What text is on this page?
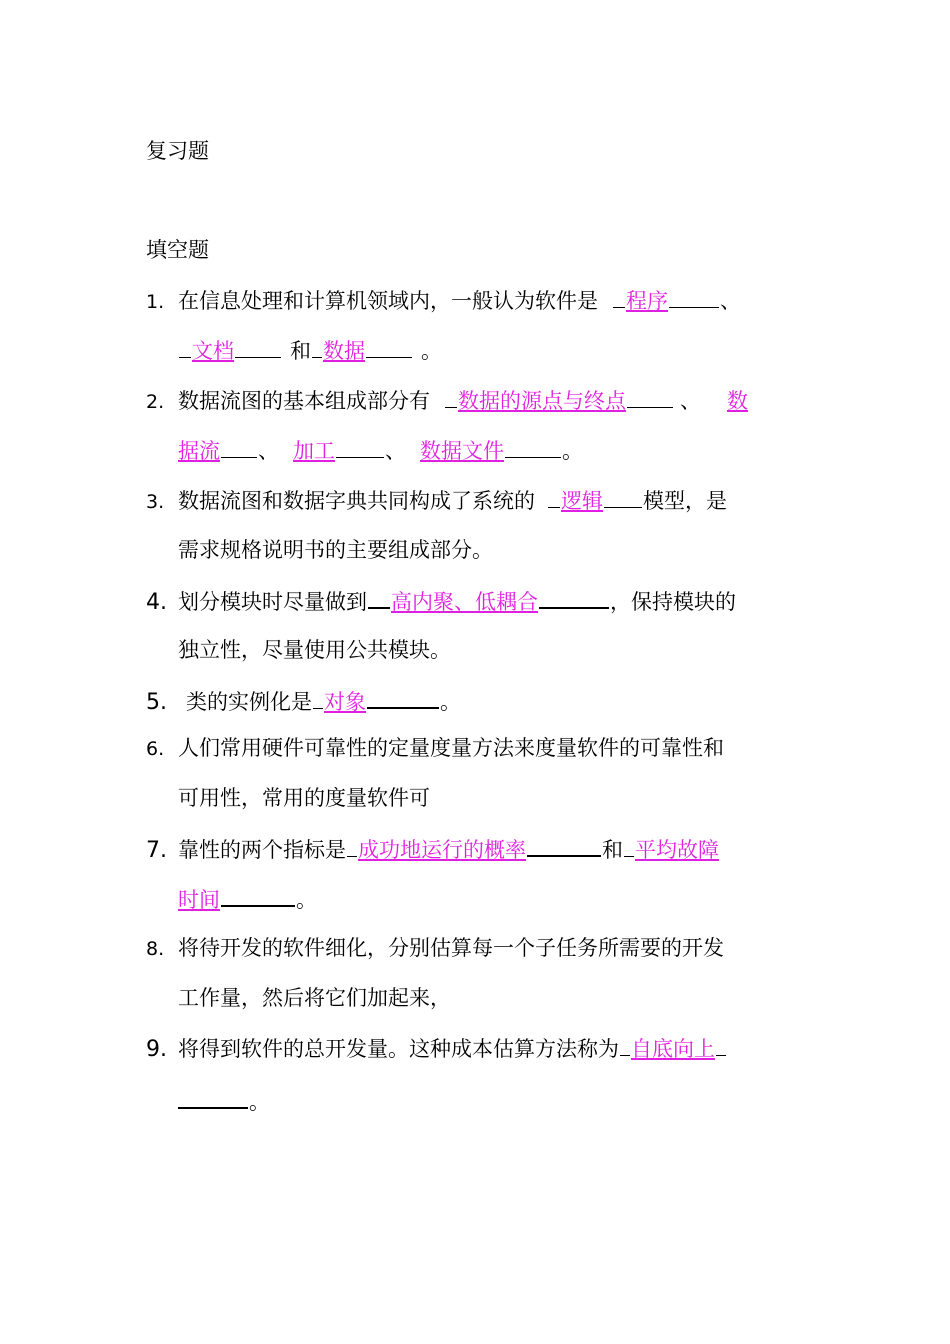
复习题
填空题
1. 在信息处理和计算机领域内，一般认为软件是 程序 、
文档	和 数据	。
2. 数据流图的基本组成部分有 数据的源点与终点	、 数
据流 、 加工 、 数据文件	。
3. 数据流图和数据字典共同构成了系统的 逻辑 模型，是
需求规格说明书的主要组成部分。
4. 划分模块时尽量做到 高内聚、低耦合	，保持模块的
独立性，尽量使用公共模块。
5. 类的实例化是 对象	。
6. 人们常用硬件可靠性的定量度量方法来度量软件的可靠性和
可用性，常用的度量软件可
7. 靠性的两个指标是 成功地运行的概率	和 平均故障
时间	。
8. 将待开发的软件细化，分别估算每一个子任务所需要的开发
工作量，然后将它们加起来，
9. 将得到软件的总开发量。这种成本估算方法称为 自底向上
。
